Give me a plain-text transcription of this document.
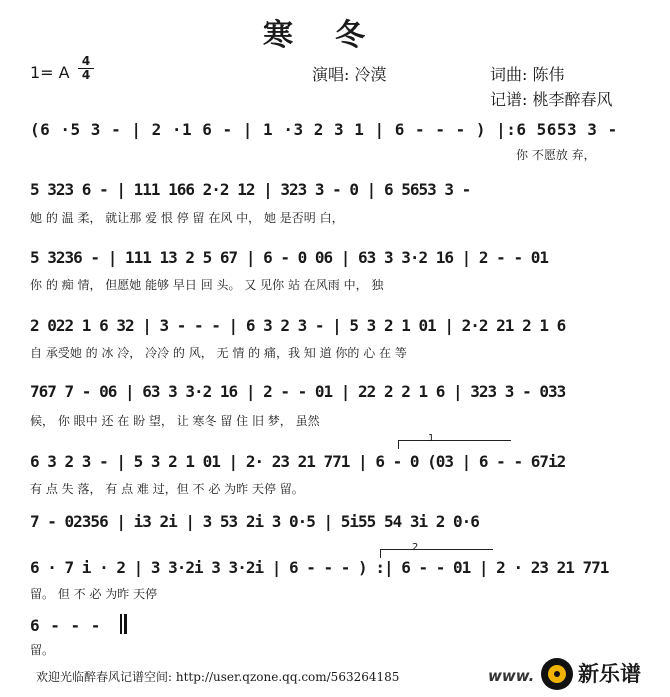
寒冬
1= A
4
4	演唱: 冷漠	词曲: 陈伟
记谱: 桃李醉春风
(6 ·5 3 - | 2 ·1 6 - | 1 ·3 2 3 1 | 6 - - - ) |:6 5653 3 -
你 不愿放 弃，
5 323 6 - | 111 166 2·2 12 | 323 3 - 0 | 6 5653 3 -
她 的 温 柔， 就让那 爱 恨 停 留 在风 中， 她 是否明 白，
5 3236 - | 111 13 2 5 67 | 6 - 0 06 | 63 3 3·2 16 | 2 - - 01
你 的 痴 情， 但愿她 能够 早日 回 头。 又 见你 站 在风雨 中， 独
2 022 1 6 32 | 3 - - - | 6 3 2 3 - | 5 3 2 1 01 | 2·2 21 2 1 6
自 承受她 的 冰 冷， 冷冷 的 风， 无 情 的 痛，我 知 道 你的 心 在 等
767 7 - 06 | 63 3 3·2 16 | 2 - - 01 | 22 2 2 1 6 | 323 3 - 033
候， 你 眼中 还 在 盼 望， 让 寒冬 留 住 旧 梦， 虽然
1
6 3 2 3 - | 5 3 2 1 01 | 2· 23 21 771 | 6 - 0 (03 | 6 - - 67i2
有 点 失 落， 有 点 难 过，但 不 必 为昨 天停 留。
7 - 02356 | i3 2i | 3 53 2i 3 0·5 | 5i55 54 3i 2 0·6
2
6 · 7 i · 2 | 3 3·2i 3 3·2i | 6 - - - ) :| 6 - - 01 | 2 · 23 21 771
留。 但 不 必 为昨 天停
6 - - -
留。
欢迎光临醉春风记谱空间: http://user.qzone.qq.com/563264185	www. 新乐谱
